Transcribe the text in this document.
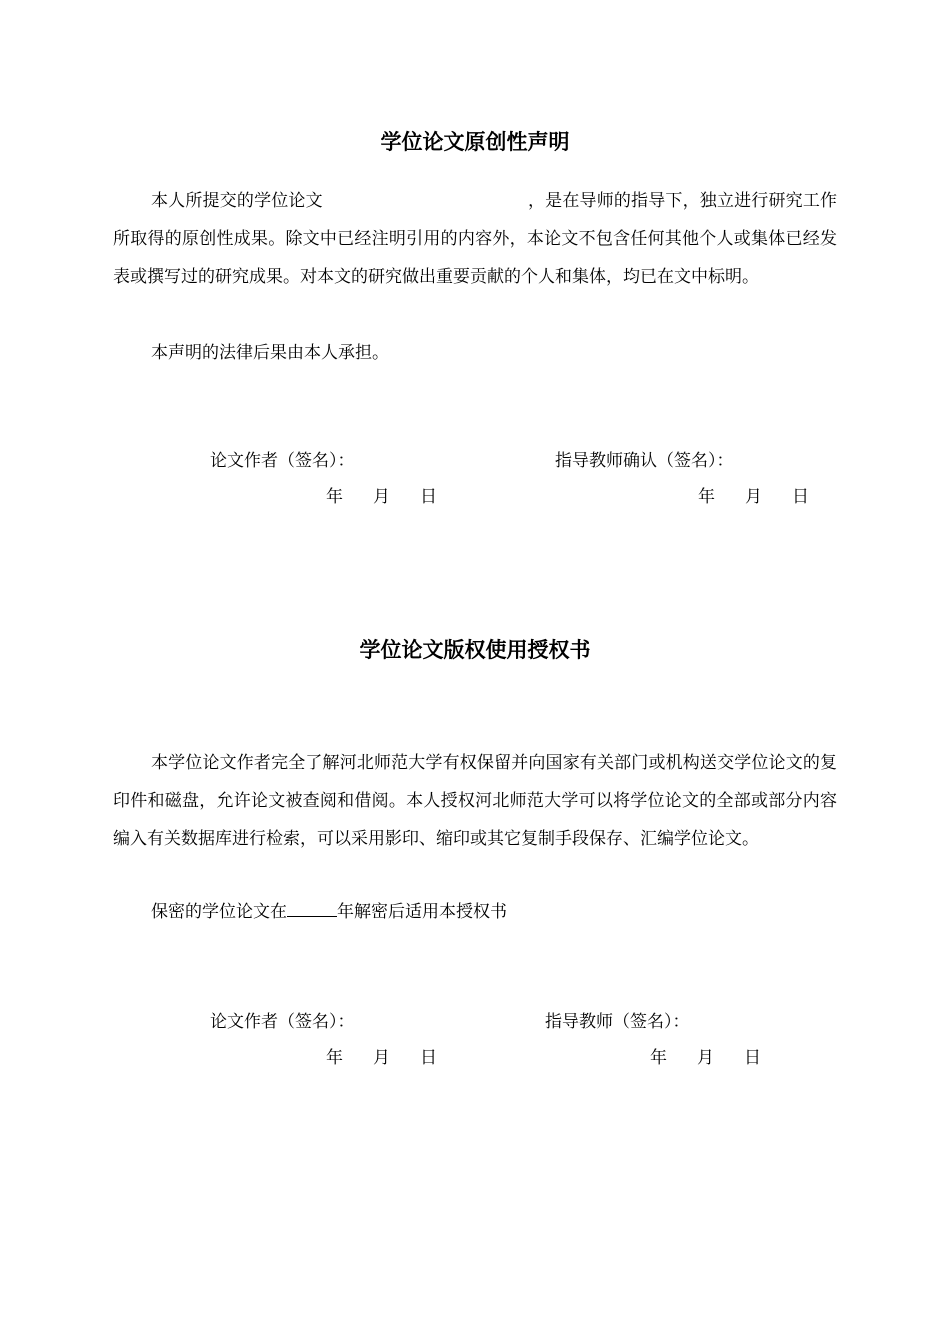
学位论文原创性声明

本人所提交的学位论文	，是在导师的指导下，独立进行研究工作所取得的原创性成果。除文中已经注明引用的内容外，本论文不包含任何其他个人或集体已经发表或撰写过的研究成果。对本文的研究做出重要贡献的个人和集体，均已在文中标明。

本声明的法律后果由本人承担。

论文作者（签名）：	指导教师确认（签名）：
年 月 日	年 月 日
学位论文版权使用授权书

本学位论文作者完全了解河北师范大学有权保留并向国家有关部门或机构送交学位论文的复印件和磁盘，允许论文被查阅和借阅。本人授权河北师范大学可以将学位论文的全部或部分内容编入有关数据库进行检索，可以采用影印、缩印或其它复制手段保存、汇编学位论文。

保密的学位论文在	年解密后适用本授权书

论文作者（签名）：	指导教师（签名）：
年 月 日	年 月 日
